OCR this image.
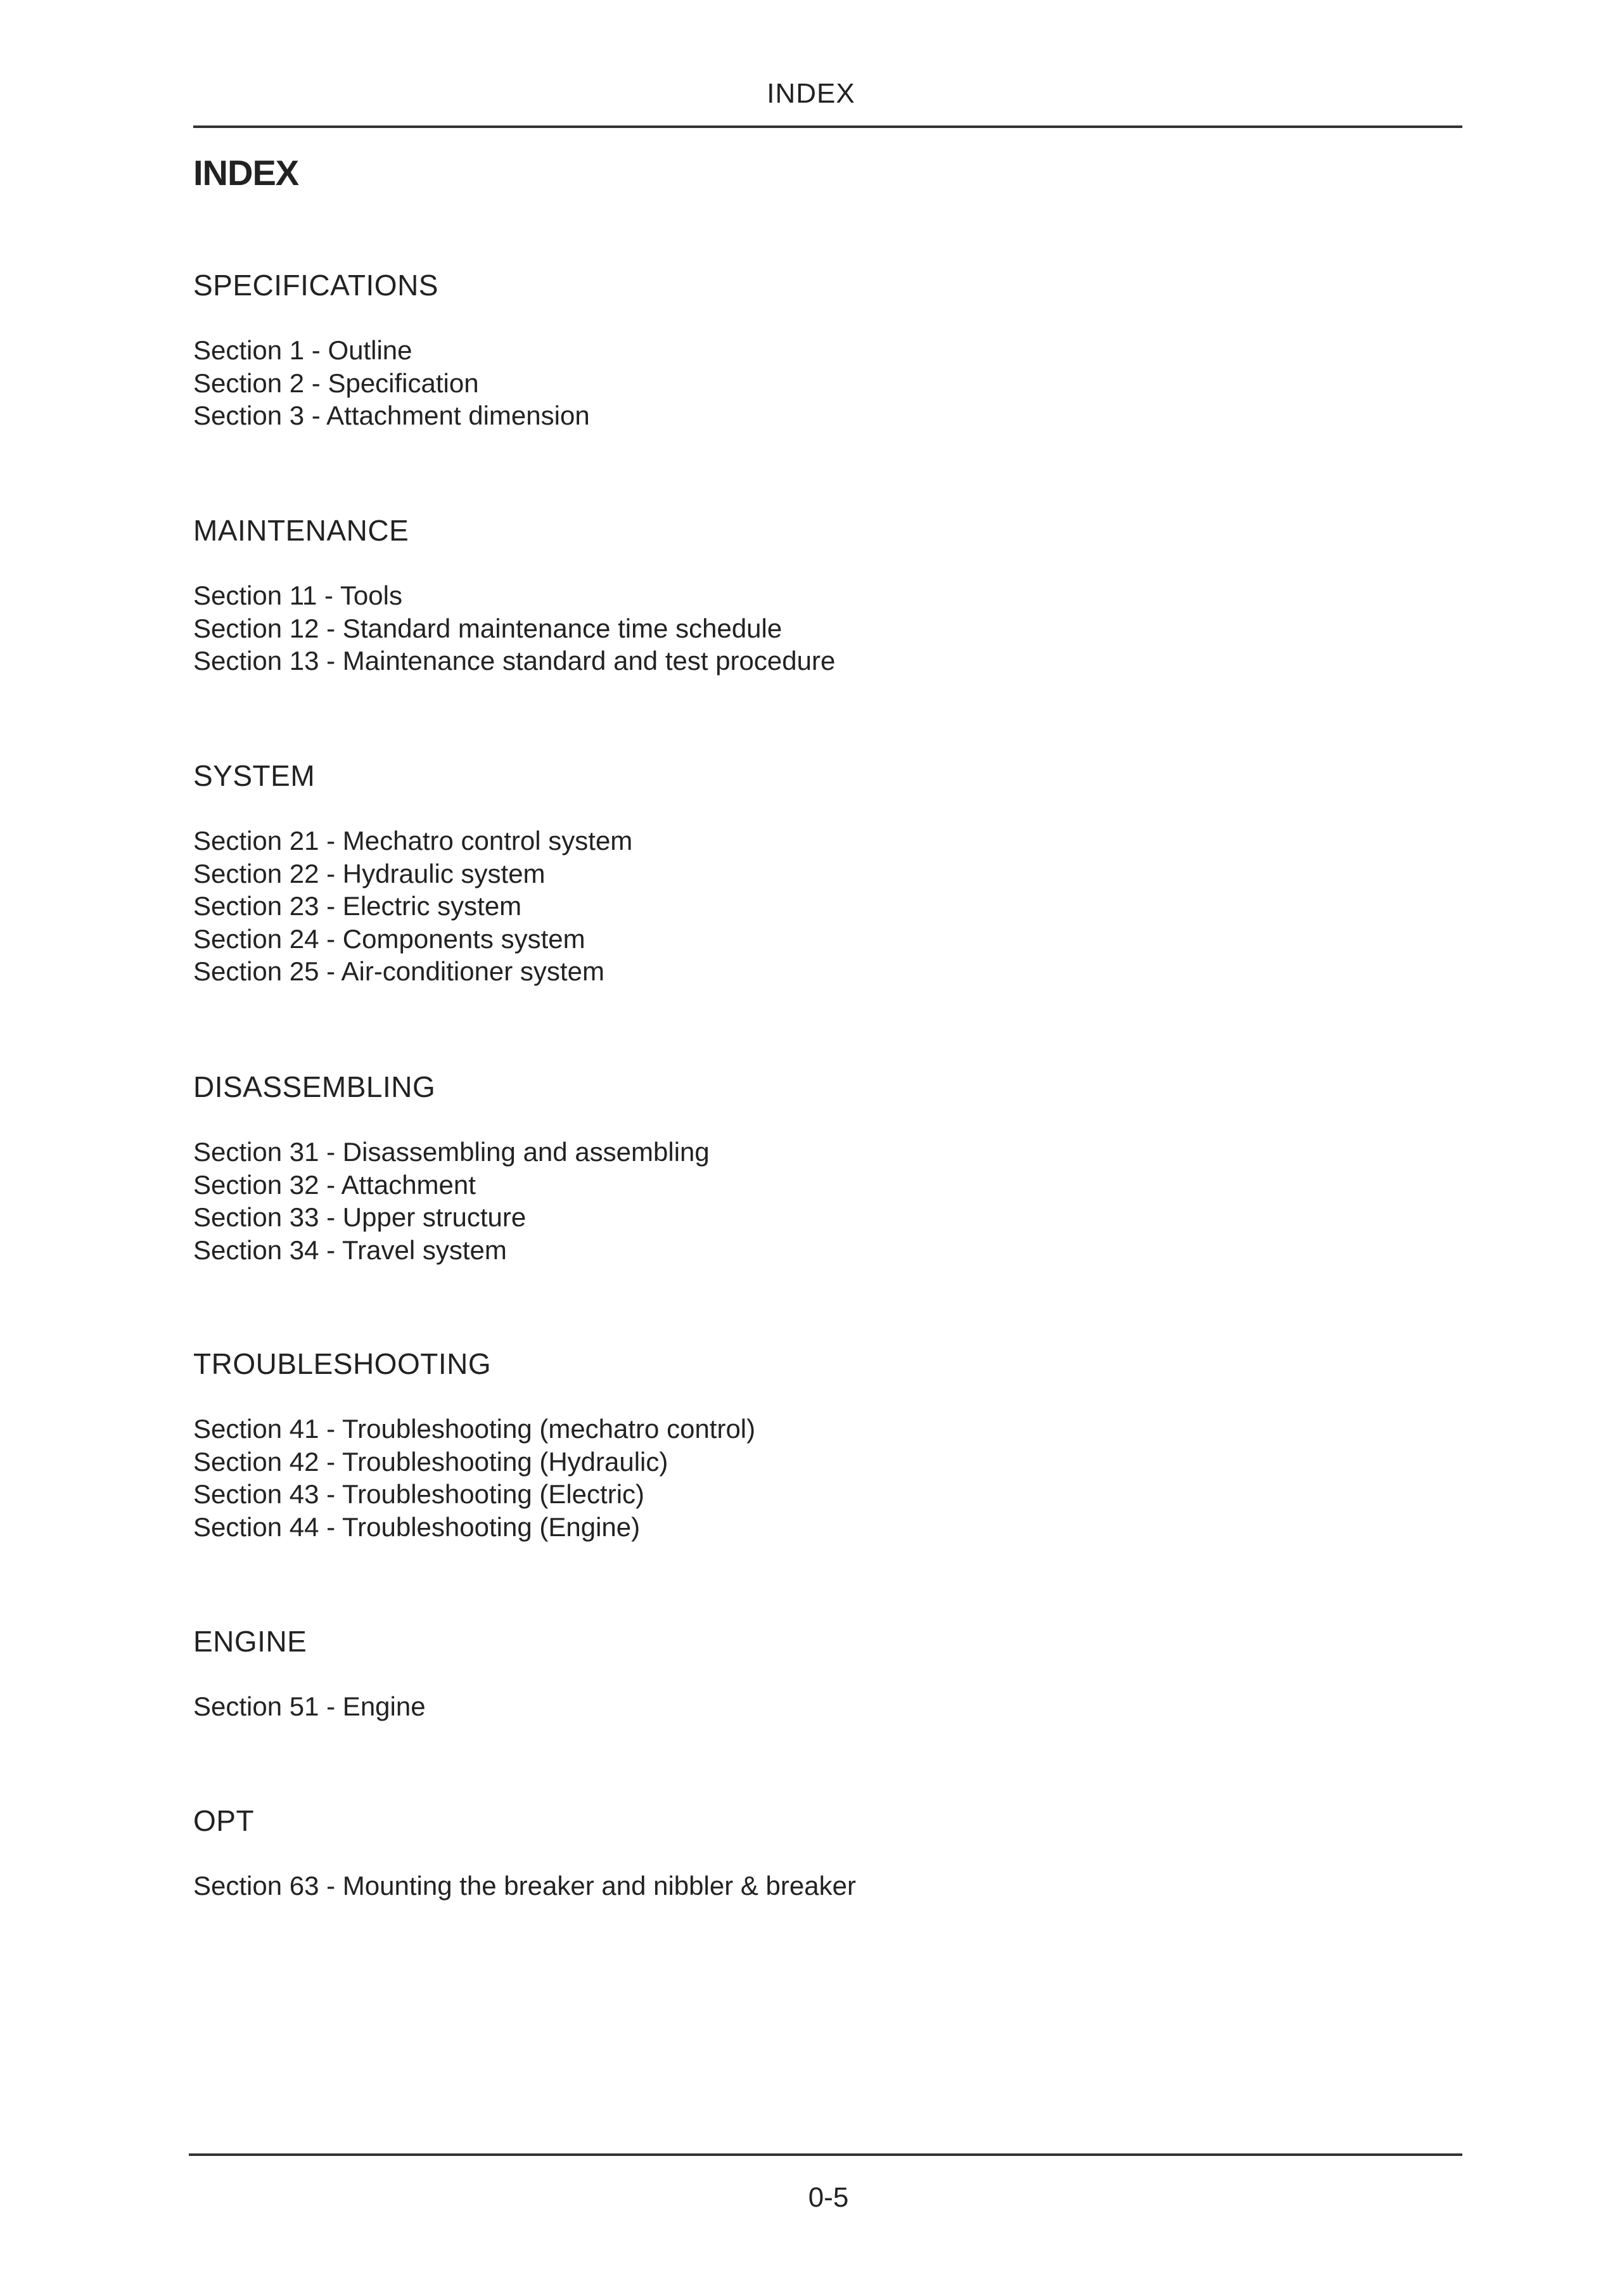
INDEX
INDEX
SPECIFICATIONS
Section 1 - Outline
Section 2 - Specification
Section 3 - Attachment dimension
MAINTENANCE
Section 11 - Tools
Section 12 - Standard maintenance time schedule
Section 13 - Maintenance standard and test procedure
SYSTEM
Section 21 - Mechatro control system
Section 22 - Hydraulic system
Section 23 - Electric system
Section 24 - Components system
Section 25 - Air-conditioner system
DISASSEMBLING
Section 31 - Disassembling and assembling
Section 32 - Attachment
Section 33 - Upper structure
Section 34 - Travel system
TROUBLESHOOTING
Section 41 - Troubleshooting (mechatro control)
Section 42 - Troubleshooting (Hydraulic)
Section 43 - Troubleshooting (Electric)
Section 44 - Troubleshooting (Engine)
ENGINE
Section 51 - Engine
OPT
Section 63 - Mounting the breaker and nibbler & breaker
0-5
